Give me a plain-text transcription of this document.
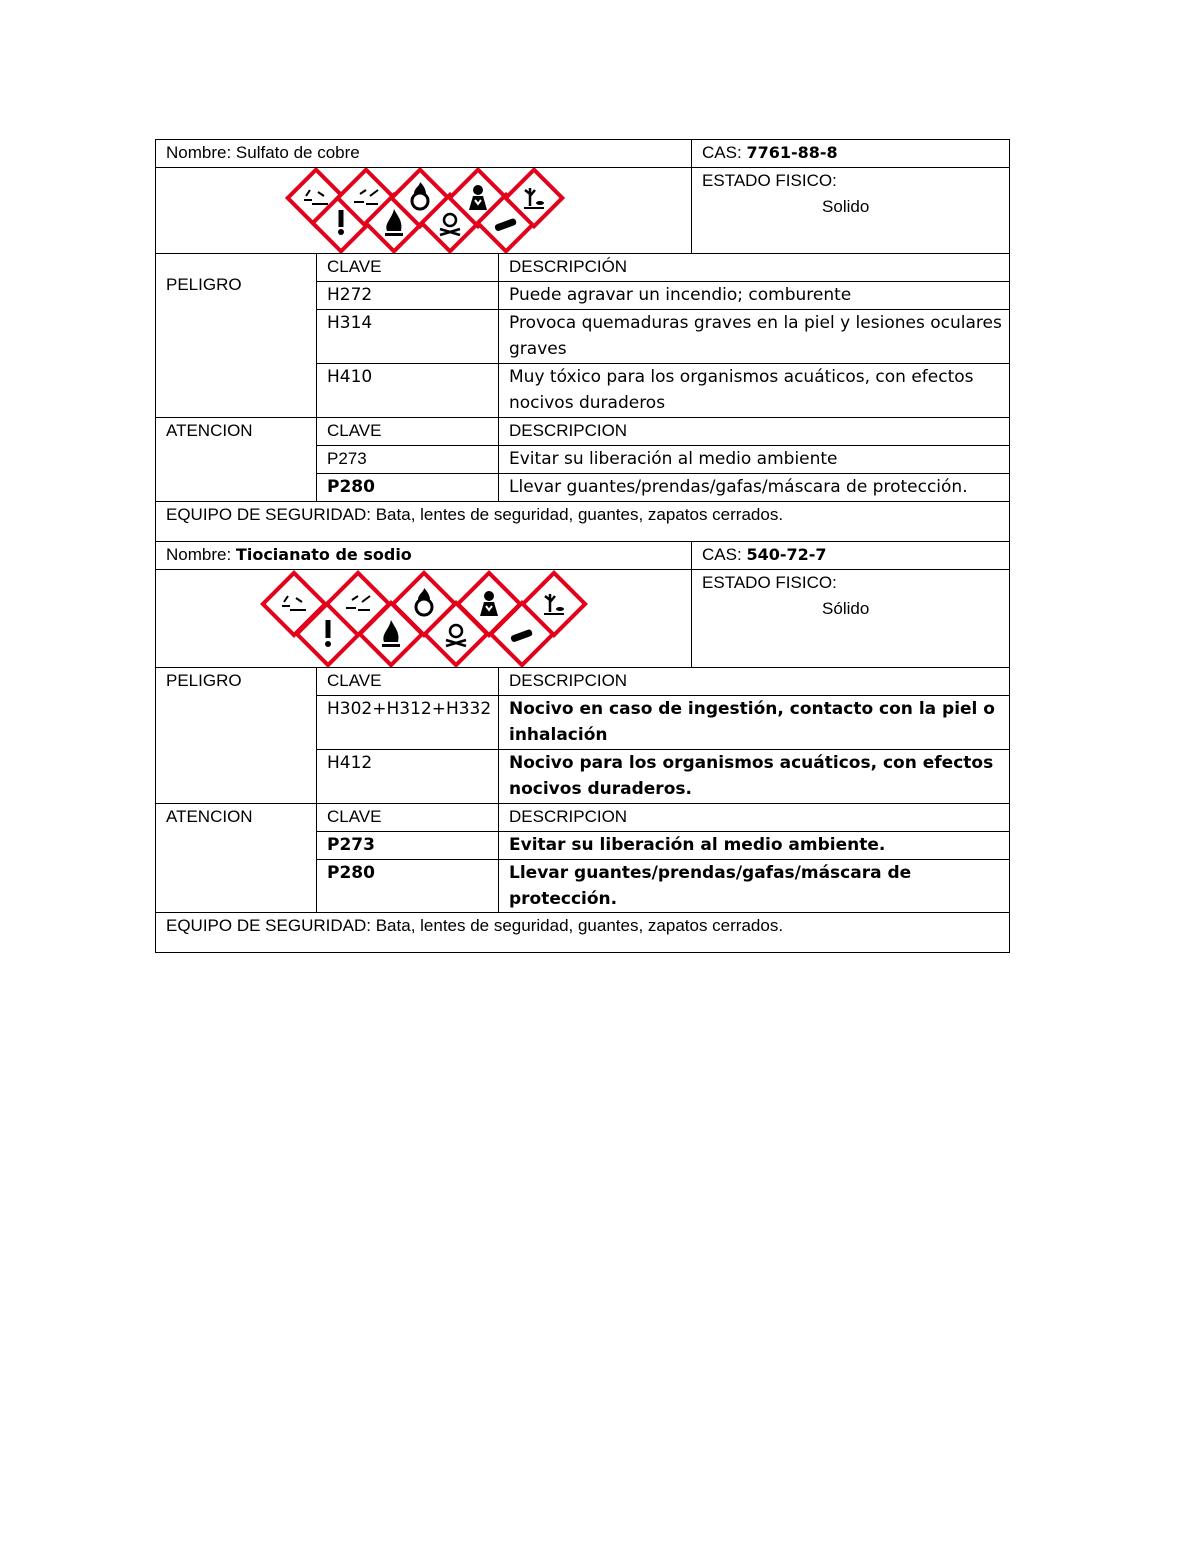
Nombre: Sulfato de cobre			CAS: 7761-88-8

ESTADO FISICO:
Solido

PELIGRO	CLAVE	DESCRIPCIÓN	
	H272	Puede agravar un incendio; comburente	
	H314	Provoca quemaduras graves en la piel y lesiones oculares graves	
	H410	Muy tóxico para los organismos acuáticos, con efectos nocivos duraderos	
ATENCION	CLAVE	DESCRIPCION	
	P273	Evitar su liberación al medio ambiente	
	P280	Llevar guantes/prendas/gafas/máscara de protección.	
EQUIPO DE SEGURIDAD: Bata, lentes de seguridad, guantes, zapatos cerrados.			
Nombre: Tiocianato de sodio			CAS: 540-72-7

ESTADO FISICO:
Sólido

PELIGRO	CLAVE	DESCRIPCION	
	H302+H312+H332	Nocivo en caso de ingestión, contacto con la piel o inhalación	
	H412	Nocivo para los organismos acuáticos, con efectos nocivos duraderos.	
ATENCION	CLAVE	DESCRIPCION	
	P273	Evitar su liberación al medio ambiente.	
	P280	Llevar guantes/prendas/gafas/máscara de protección.	
EQUIPO DE SEGURIDAD: Bata, lentes de seguridad, guantes, zapatos cerrados.			
